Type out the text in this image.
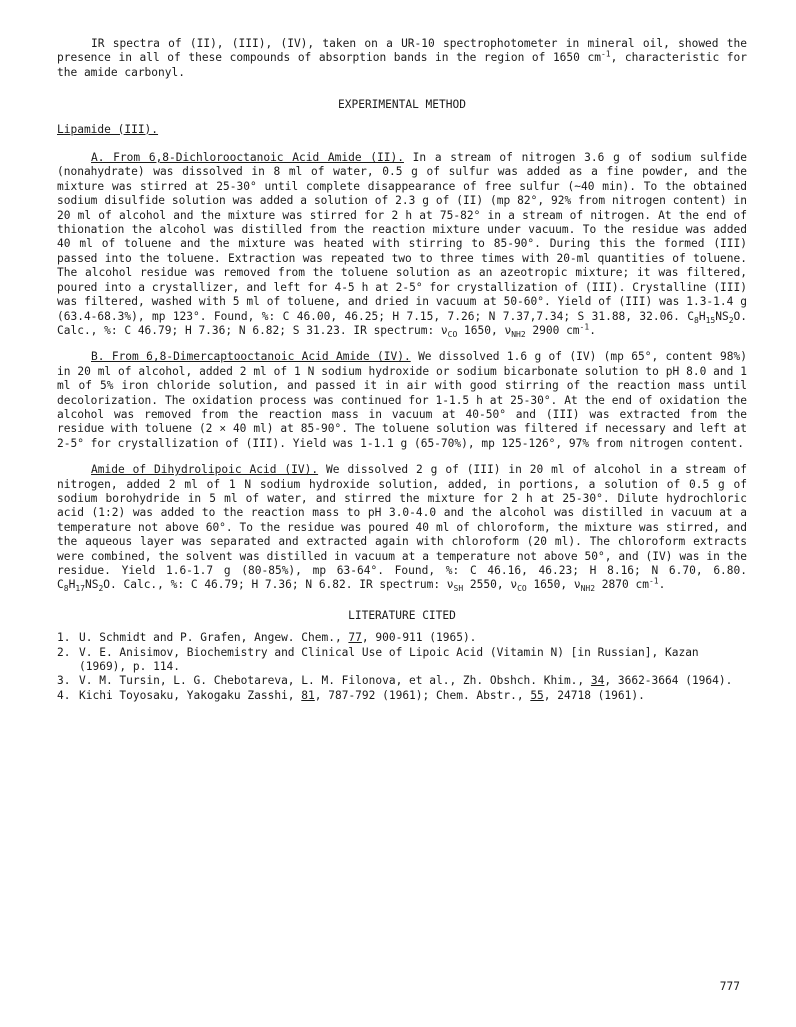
IR spectra of (II), (III), (IV), taken on a UR-10 spectrophotometer in mineral oil, showed the presence in all of these compounds of absorption bands in the region of 1650 $cm^{-1}$, characteristic for the amide carbonyl.

EXPERIMENTAL METHOD

Lipamide (III).

A. From 6,8-Dichlorooctanoic Acid Amide (II). In a stream of nitrogen 3.6 g of sodium sulfide (nonahydrate) was dissolved in 8 ml of water, 0.5 g of sulfur was added as a fine powder, and the mixture was stirred at 25-30° until complete disappearance of free sulfur (~40 min). To the obtained sodium disulfide solution was added a solution of 2.3 g of (II) (mp 82°, 92% from nitrogen content) in 20 ml of alcohol and the mixture was stirred for 2 h at 75-82° in a stream of nitrogen. At the end of thionation the alcohol was distilled from the reaction mixture under vacuum. To the residue was added 40 ml of toluene and the mixture was heated with stirring to 85-90°. During this the formed (III) passed into the toluene. Extraction was repeated two to three times with 20-ml quantities of toluene. The alcohol residue was removed from the toluene solution as an azeotropic mixture; it was filtered, poured into a crystallizer, and left for 4-5 h at 2-5° for crystallization of (III). Crystalline (III) was filtered, washed with 5 ml of toluene, and dried in vacuum at 50-60°. Yield of (III) was 1.3-1.4 g (63.4-68.3%), mp 123°. Found, %: C 46.00, 46.25; H 7.15, 7.26; N 7.37,7.34; S 31.88, 32.06. $C_8H_{15}NS_2O$. Calc., %: C 46.79; H 7.36; N 6.82; S 31.23. IR spectrum: $\nu_{CO}$ 1650, $\nu_{NH2}$ 2900 $cm^{-1}$.

B. From 6,8-Dimercaptooctanoic Acid Amide (IV). We dissolved 1.6 g of (IV) (mp 65°, content 98%) in 20 ml of alcohol, added 2 ml of 1 N sodium hydroxide or sodium bicarbonate solution to pH 8.0 and 1 ml of 5% iron chloride solution, and passed it in air with good stirring of the reaction mass until decolorization. The oxidation process was continued for 1-1.5 h at 25-30°. At the end of oxidation the alcohol was removed from the reaction mass in vacuum at 40-50° and (III) was extracted from the residue with toluene (2 × 40 ml) at 85-90°. The toluene solution was filtered if necessary and left at 2-5° for crystallization of (III). Yield was 1-1.1 g (65-70%), mp 125-126°, 97% from nitrogen content.

Amide of Dihydrolipoic Acid (IV). We dissolved 2 g of (III) in 20 ml of alcohol in a stream of nitrogen, added 2 ml of 1 N sodium hydroxide solution, added, in portions, a solution of 0.5 g of sodium borohydride in 5 ml of water, and stirred the mixture for 2 h at 25-30°. Dilute hydrochloric acid (1:2) was added to the reaction mass to pH 3.0-4.0 and the alcohol was distilled in vacuum at a temperature not above 60°. To the residue was poured 40 ml of chloroform, the mixture was stirred, and the aqueous layer was separated and extracted again with chloroform (20 ml). The chloroform extracts were combined, the solvent was distilled in vacuum at a temperature not above 50°, and (IV) was in the residue. Yield 1.6-1.7 g (80-85%), mp 63-64°. Found, %: C 46.16, 46.23; H 8.16; N 6.70, 6.80. $C_8H_{17}NS_2O$. Calc., %: C 46.79; H 7.36; N 6.82. IR spectrum: $\nu_{SH}$ 2550, $\nu_{CO}$ 1650, $\nu_{NH2}$ 2870 $cm^{-1}$.

LITERATURE CITED

1. U. Schmidt and P. Grafen, Angew. Chem., 77, 900-911 (1965).
2. V. E. Anisimov, Biochemistry and Clinical Use of Lipoic Acid (Vitamin N) [in Russian], Kazan (1969), p. 114.
3. V. M. Tursin, L. G. Chebotareva, L. M. Filonova, et al., Zh. Obshch. Khim., 34, 3662-3664 (1964).
4. Kichi Toyosaku, Yakogaku Zasshi, 81, 787-792 (1961); Chem. Abstr., 55, 24718 (1961).
777
